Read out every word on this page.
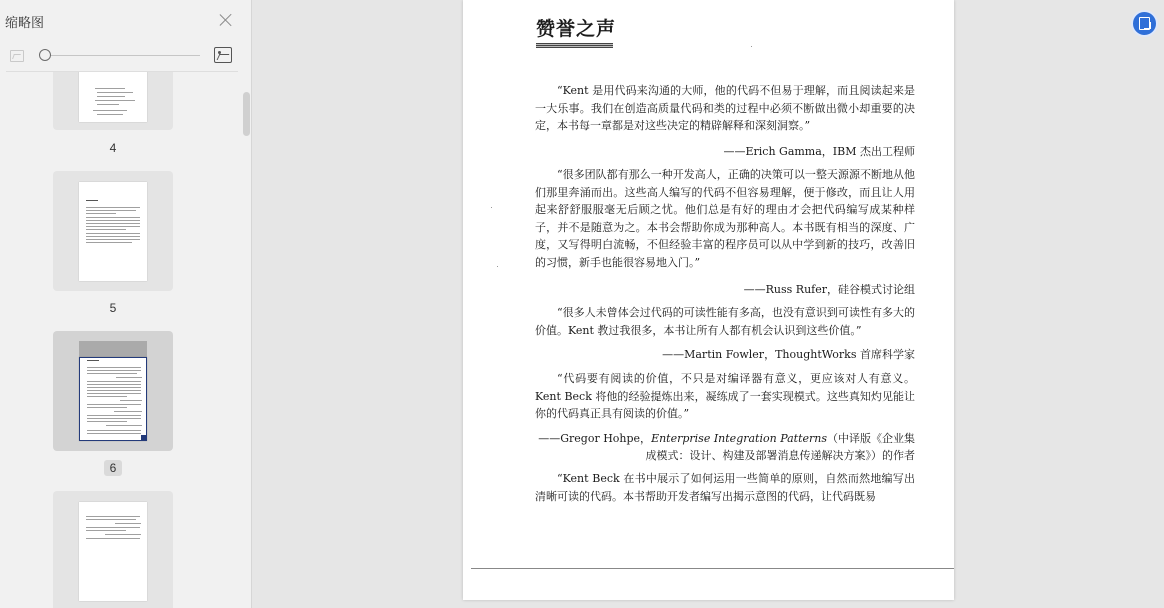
缩略图
4
5
6
赞誉之声

“Kent 是用代码来沟通的大师，他的代码不但易于理解，而且阅读起来是一大乐事。我们在创造高质量代码和类的过程中必须不断做出微小却重要的决定，本书每一章都是对这些决定的精辟解释和深刻洞察。”

——Erich Gamma，IBM 杰出工程师

“很多团队都有那么一种开发高人，正确的决策可以一整天源源不断地从他们那里奔涌而出。这些高人编写的代码不但容易理解，便于修改，而且让人用起来舒舒服服毫无后顾之忧。他们总是有好的理由才会把代码编写成某种样子，并不是随意为之。本书会帮助你成为那种高人。本书既有相当的深度、广度，又写得明白流畅，不但经验丰富的程序员可以从中学到新的技巧，改善旧的习惯，新手也能很容易地入门。”

——Russ Rufer，硅谷模式讨论组

“很多人未曾体会过代码的可读性能有多高，也没有意识到可读性有多大的价值。Kent 教过我很多，本书让所有人都有机会认识到这些价值。”

——Martin Fowler，ThoughtWorks 首席科学家

“代码要有阅读的价值，不只是对编译器有意义，更应该对人有意义。Kent Beck 将他的经验提炼出来，凝练成了一套实现模式。这些真知灼见能让你的代码真正具有阅读的价值。”

——Gregor Hohpe，Enterprise Integration Patterns（中译版《企业集成模式：设计、构建及部署消息传递解决方案》）的作者

“Kent Beck 在书中展示了如何运用一些简单的原则，自然而然地编写出清晰可读的代码。本书帮助开发者编写出揭示意图的代码，让代码既易
